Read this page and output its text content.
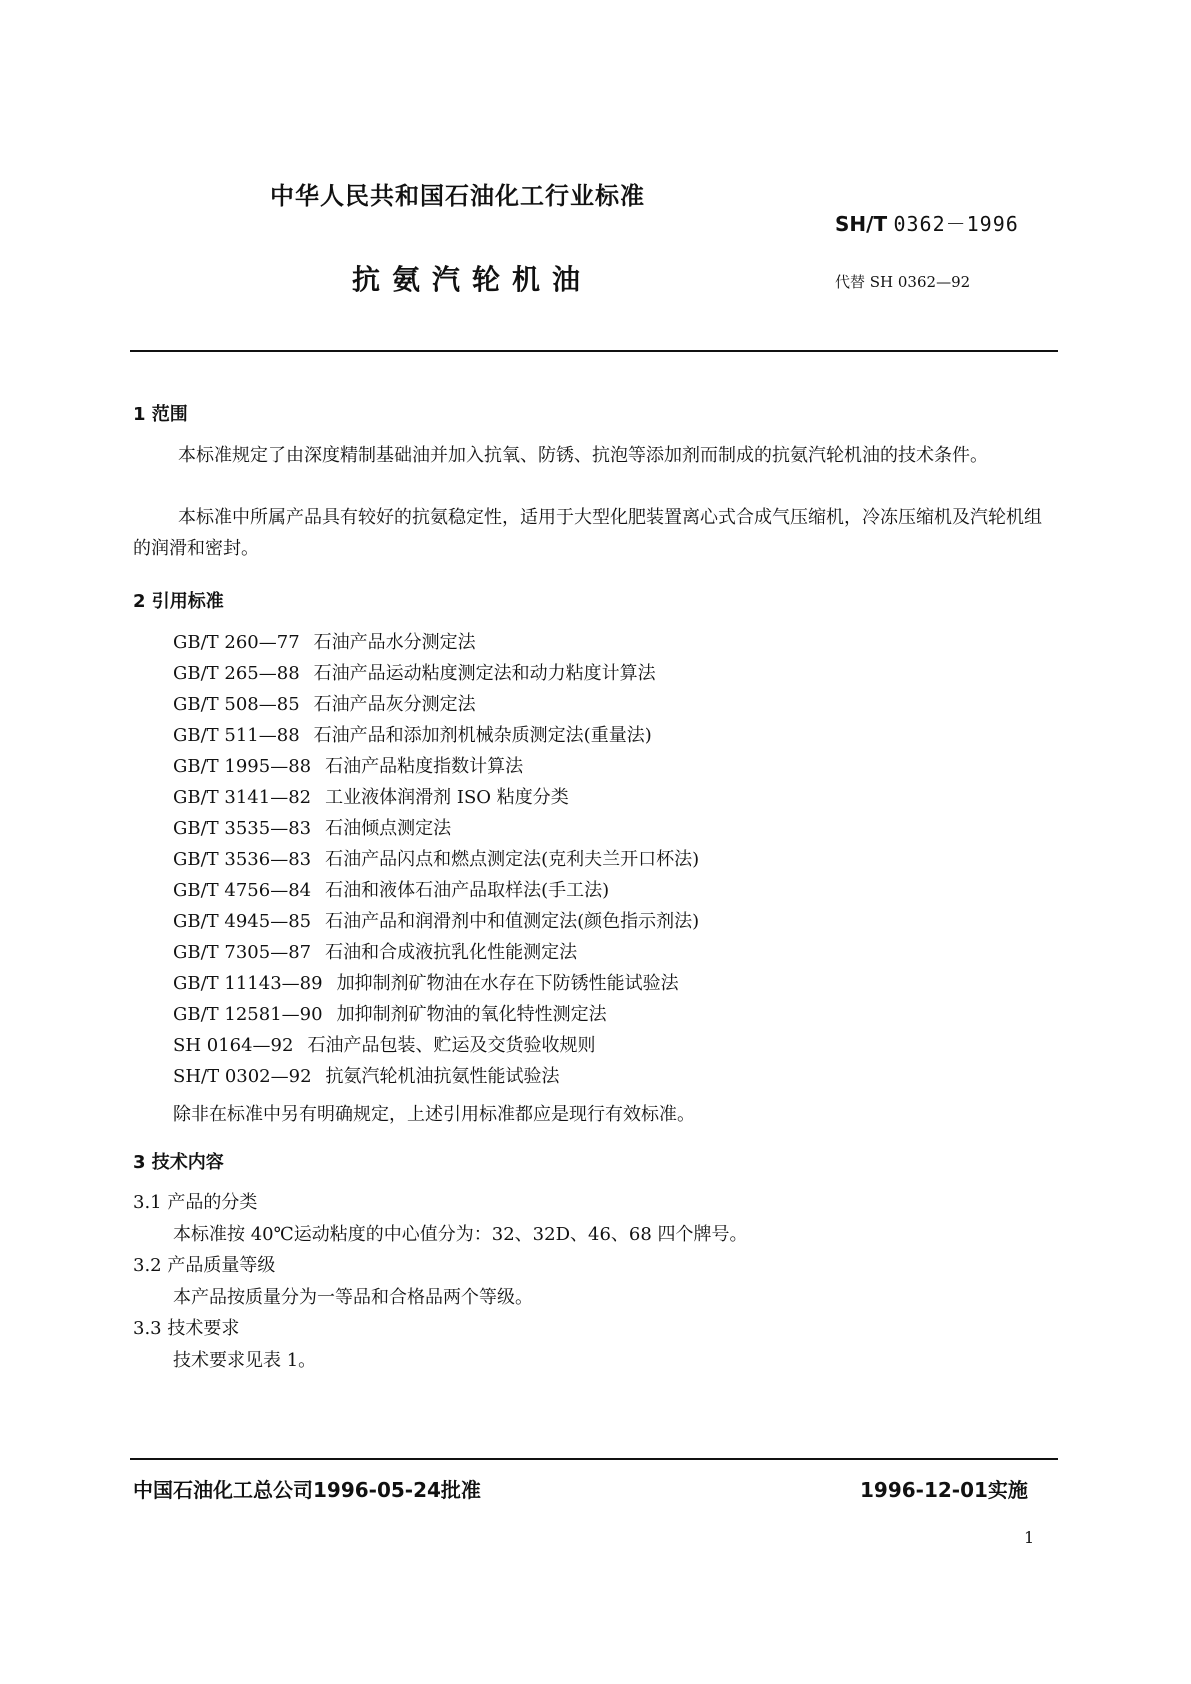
中华人民共和国石油化工行业标准
SH/T 0362－1996
抗氨汽轮机油	代替 SH 0362—92
1 范围
本标准规定了由深度精制基础油并加入抗氧、防锈、抗泡等添加剂而制成的抗氨汽轮机油的技术条件。
本标准中所属产品具有较好的抗氨稳定性，适用于大型化肥装置离心式合成气压缩机，冷冻压缩机及汽轮机组的润滑和密封。
2 引用标准
GB/T 260—77 石油产品水分测定法
GB/T 265—88 石油产品运动粘度测定法和动力粘度计算法
GB/T 508—85 石油产品灰分测定法
GB/T 511—88 石油产品和添加剂机械杂质测定法(重量法)
GB/T 1995—88 石油产品粘度指数计算法
GB/T 3141—82 工业液体润滑剂 ISO 粘度分类
GB/T 3535—83 石油倾点测定法
GB/T 3536—83 石油产品闪点和燃点测定法(克利夫兰开口杯法)
GB/T 4756—84 石油和液体石油产品取样法(手工法)
GB/T 4945—85 石油产品和润滑剂中和值测定法(颜色指示剂法)
GB/T 7305—87 石油和合成液抗乳化性能测定法
GB/T 11143—89 加抑制剂矿物油在水存在下防锈性能试验法
GB/T 12581—90 加抑制剂矿物油的氧化特性测定法
SH 0164—92 石油产品包装、贮运及交货验收规则
SH/T 0302—92 抗氨汽轮机油抗氨性能试验法
除非在标准中另有明确规定，上述引用标准都应是现行有效标准。
3 技术内容
3.1 产品的分类
本标准按 40℃运动粘度的中心值分为：32、32D、46、68 四个牌号。
3.2 产品质量等级
本产品按质量分为一等品和合格品两个等级。
3.3 技术要求
技术要求见表 1。
中国石油化工总公司1996-05-24批准	1996-12-01实施
1
